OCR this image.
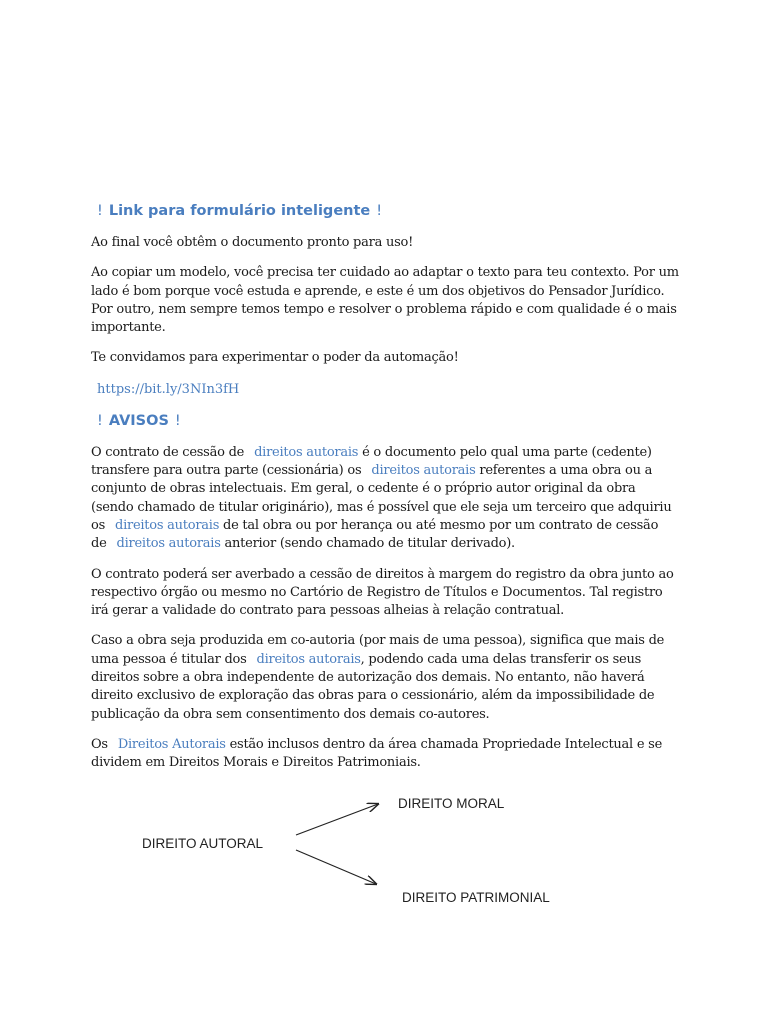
! Link para formulário inteligente !

Ao final você obtêm o documento pronto para uso!

Ao copiar um modelo, você precisa ter cuidado ao adaptar o texto para teu contexto. Por um lado é bom porque você estuda e aprende, e este é um dos objetivos do Pensador Jurídico. Por outro, nem sempre temos tempo e resolver o problema rápido e com qualidade é o mais importante.

Te convidamos para experimentar o poder da automação!

https://bit.ly/3NIn3fH
! AVISOS !

O contrato de cessão de direitos autorais é o documento pelo qual uma parte (cedente) transfere para outra parte (cessionária) os direitos autorais referentes a uma obra ou a conjunto de obras intelectuais. Em geral, o cedente é o próprio autor original da obra (sendo chamado de titular originário), mas é possível que ele seja um terceiro que adquiriu os direitos autorais de tal obra ou por herança ou até mesmo por um contrato de cessão de direitos autorais anterior (sendo chamado de titular derivado).

O contrato poderá ser averbado a cessão de direitos à margem do registro da obra junto ao respectivo órgão ou mesmo no Cartório de Registro de Títulos e Documentos. Tal registro irá gerar a validade do contrato para pessoas alheias à relação contratual.

Caso a obra seja produzida em co-autoria (por mais de uma pessoa), significa que mais de uma pessoa é titular dos direitos autorais, podendo cada uma delas transferir os seus direitos sobre a obra independente de autorização dos demais. No entanto, não haverá direito exclusivo de exploração das obras para o cessionário, além da impossibilidade de publicação da obra sem consentimento dos demais co-autores.

Os Direitos Autorais estão inclusos dentro da área chamada Propriedade Intelectual e se dividem em Direitos Morais e Direitos Patrimoniais.

DIREITO AUTORAL
DIREITO MORAL
DIREITO PATRIMONIAL
